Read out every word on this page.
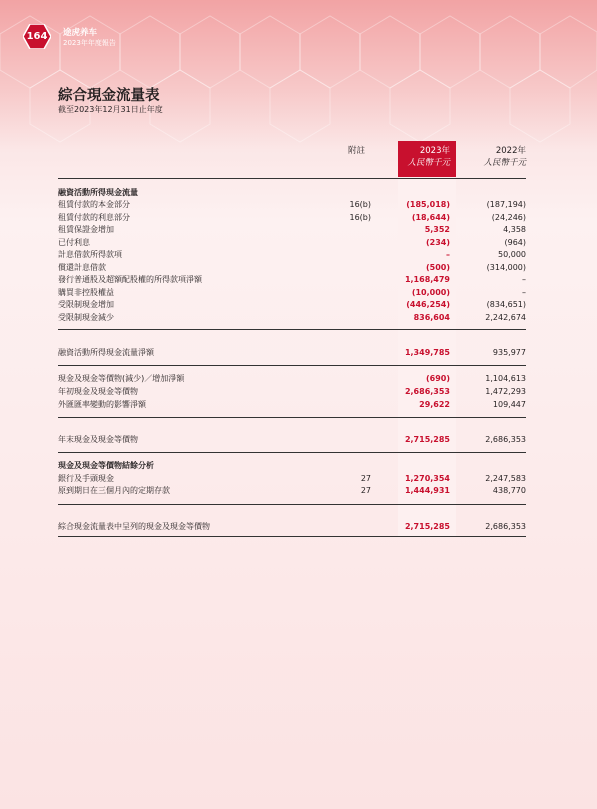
164	途虎养车
2023年年度報告
綜合現金流量表
截至2023年12月31日止年度
附註	2023年
人民幣千元
2022年
人民幣千元
融資活動所得現金流量
租賃付款的本金部分	16(b)	(185,018)	(187,194)
租賃付款的利息部分	16(b)	(18,644)	(24,246)
租賃保證金增加	5,352	4,358
已付利息	(234)	(964)
計息借款所得款項	–	50,000
償還計息借款	(500)	(314,000)
發行普通股及超額配股權的所得款項淨額	1,168,479	–
購買非控股權益	(10,000)	–
受限制現金增加	(446,254)	(834,651)
受限制現金減少	836,604	2,242,674
融資活動所得現金流量淨額	1,349,785	935,977
現金及現金等價物(減少)／增加淨額	(690)	1,104,613
年初現金及現金等價物	2,686,353	1,472,293
外匯匯率變動的影響淨額	29,622	109,447
年末現金及現金等價物	2,715,285	2,686,353
現金及現金等價物結餘分析
銀行及手頭現金	27	1,270,354	2,247,583
原到期日在三個月內的定期存款	27	1,444,931	438,770
綜合現金流量表中呈列的現金及現金等價物	2,715,285	2,686,353
